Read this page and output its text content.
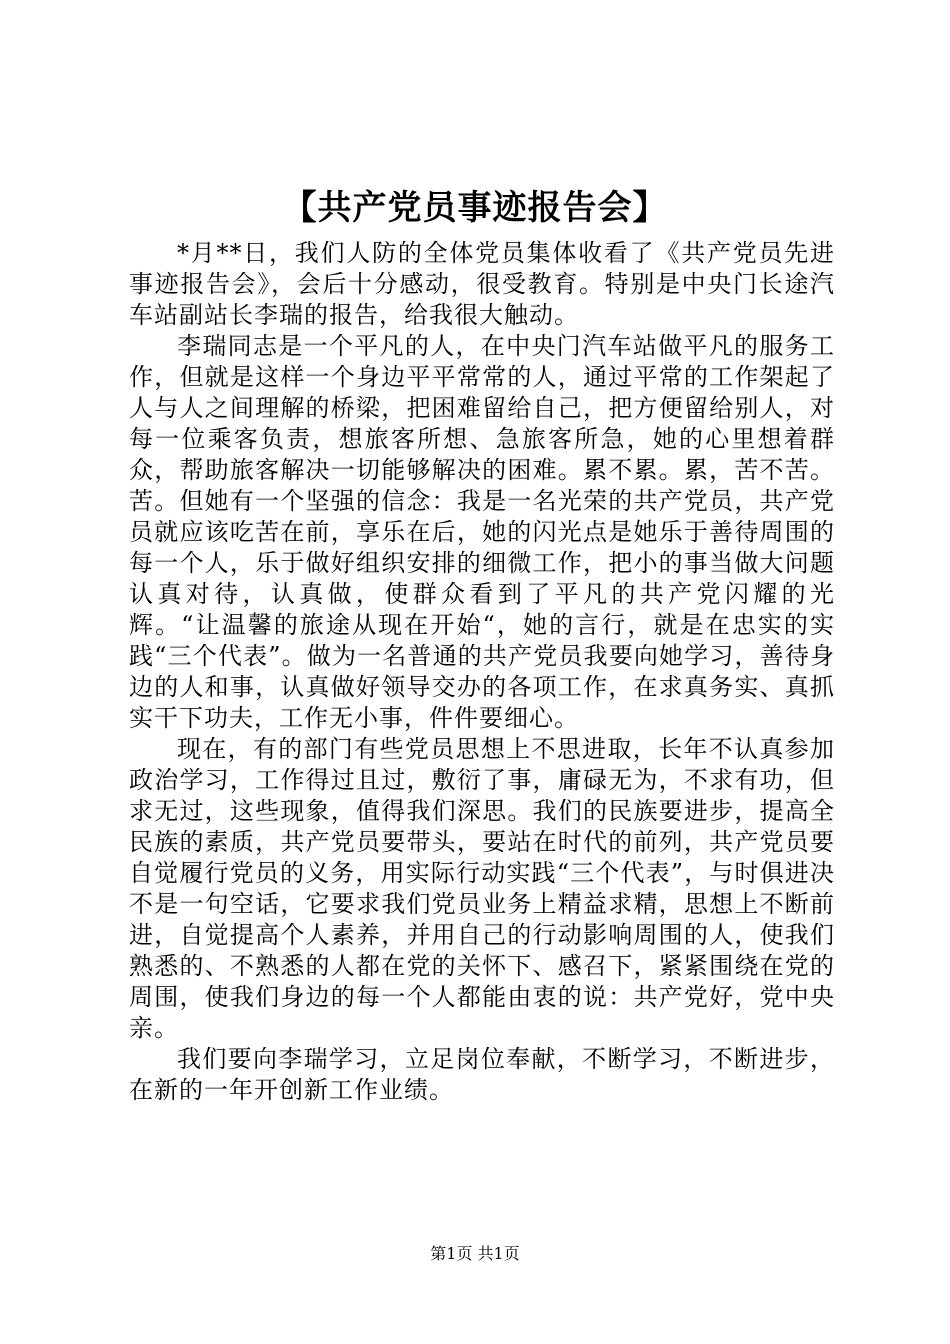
【共产党员事迹报告会】

*月**日，我们人防的全体党员集体收看了《共产党员先进事迹报告会》，会后十分感动，很受教育。特别是中央门长途汽车站副站长李瑞的报告，给我很大触动。

李瑞同志是一个平凡的人，在中央门汽车站做平凡的服务工作，但就是这样一个身边平平常常的人，通过平常的工作架起了人与人之间理解的桥梁，把困难留给自己，把方便留给别人，对每一位乘客负责，想旅客所想、急旅客所急，她的心里想着群众，帮助旅客解决一切能够解决的困难。累不累。累，苦不苦。苦。但她有一个坚强的信念：我是一名光荣的共产党员，共产党员就应该吃苦在前，享乐在后，她的闪光点是她乐于善待周围的每一个人，乐于做好组织安排的细微工作，把小的事当做大问题认真对待，认真做，使群众看到了平凡的共产党闪耀的光辉。“让温馨的旅途从现在开始“，她的言行，就是在忠实的实践“三个代表”。做为一名普通的共产党员我要向她学习，善待身边的人和事，认真做好领导交办的各项工作，在求真务实、真抓实干下功夫，工作无小事，件件要细心。

现在，有的部门有些党员思想上不思进取，长年不认真参加政治学习，工作得过且过，敷衍了事，庸碌无为，不求有功，但求无过，这些现象，值得我们深思。我们的民族要进步，提高全民族的素质，共产党员要带头，要站在时代的前列，共产党员要自觉履行党员的义务，用实际行动实践“三个代表”，与时俱进决不是一句空话，它要求我们党员业务上精益求精，思想上不断前进，自觉提高个人素养，并用自己的行动影响周围的人，使我们熟悉的、不熟悉的人都在党的关怀下、感召下，紧紧围绕在党的周围，使我们身边的每一个人都能由衷的说：共产党好，党中央亲。

我们要向李瑞学习，立足岗位奉献，不断学习，不断进步，在新的一年开创新工作业绩。

第1页 共1页
